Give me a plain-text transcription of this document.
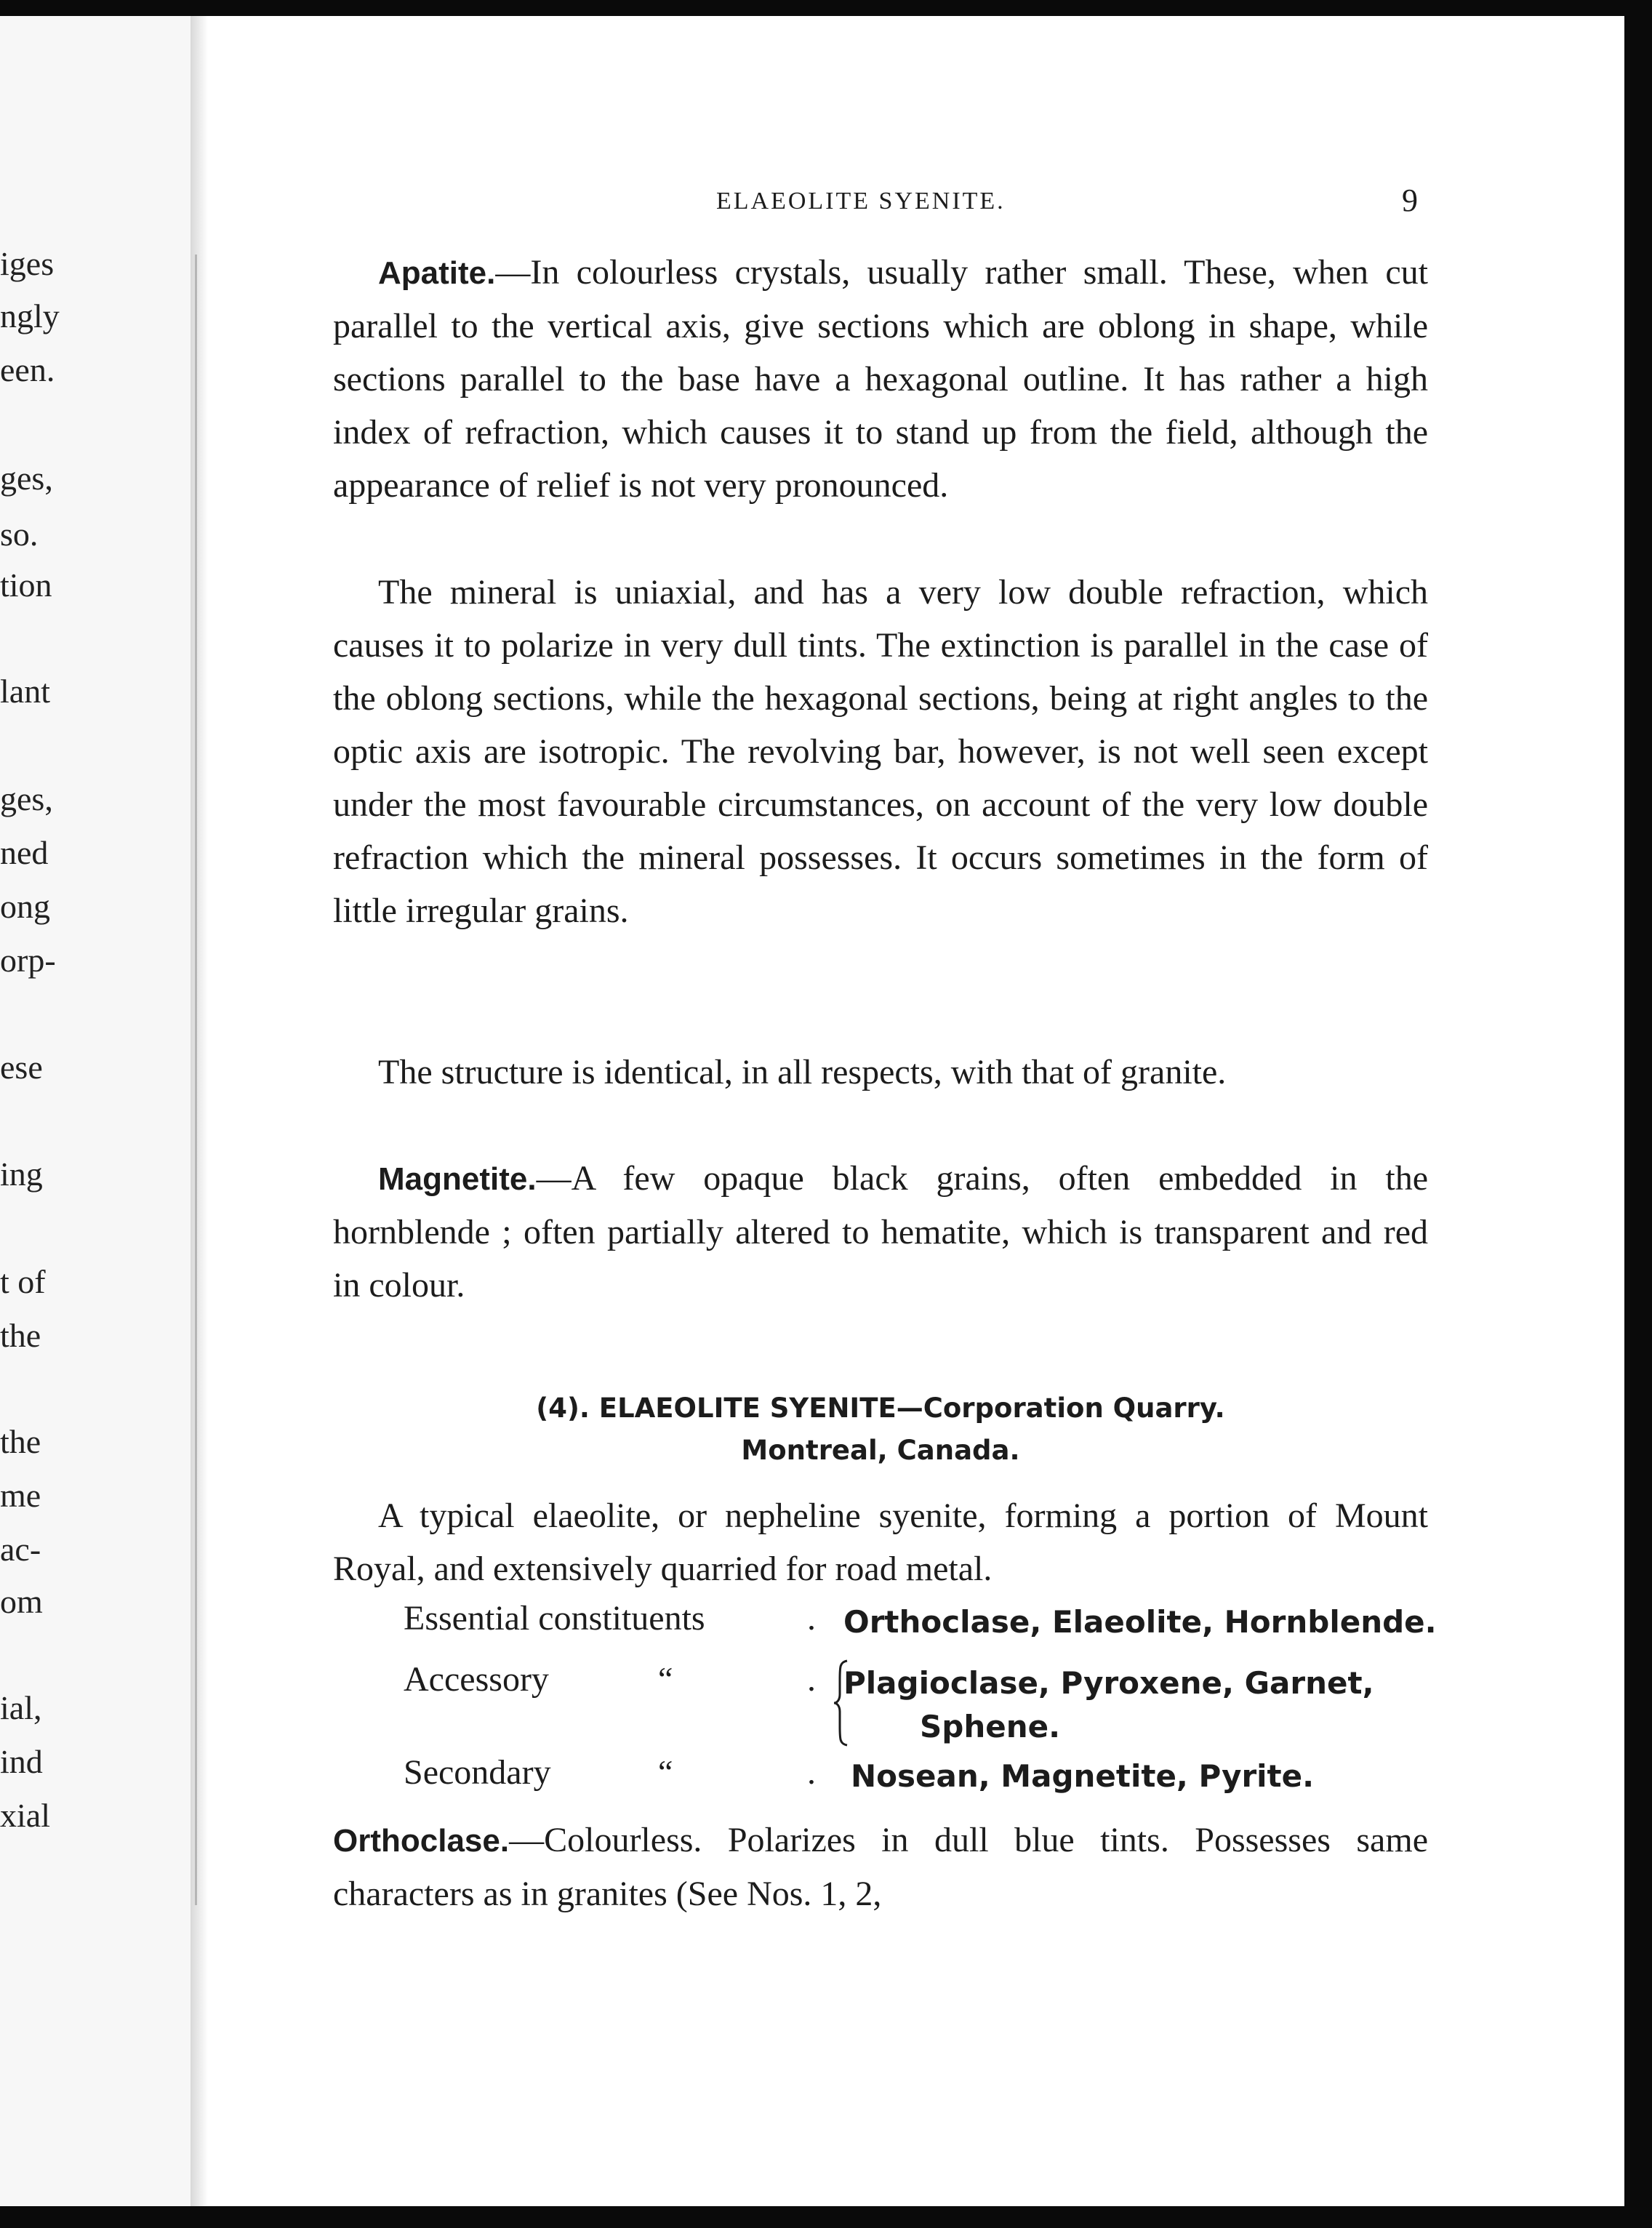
iges

ngly

een.

ges,

so.

tion

lant

ges,

ned

ong

orp-

ese

ing

t of

the

the

me

ac-

om

ial,

ind

xial

ELAEOLITE SYENITE.	9

Apatite.—In colourless crystals, usually rather small. These, when cut parallel to the vertical axis, give sections which are oblong in shape, while sections parallel to the base have a hexagonal outline. It has rather a high index of refraction, which causes it to stand up from the field, although the appearance of relief is not very pronounced.

The mineral is uniaxial, and has a very low double refraction, which causes it to polarize in very dull tints. The extinction is parallel in the case of the oblong sections, while the hexagonal sections, being at right angles to the optic axis are isotropic. The revolving bar, however, is not well seen except under the most favourable circumstances, on account of the very low double refraction which the mineral possesses. It occurs sometimes in the form of little irregular grains.

The structure is identical, in all respects, with that of granite.

Magnetite.—A few opaque black grains, often embedded in the hornblende ; often partially altered to hematite, which is transparent and red in colour.

(4). ELAEOLITE SYENITE—Corporation Quarry.
Montreal, Canada.

A typical elaeolite, or nepheline syenite, forming a portion of Mount Royal, and extensively quarried for road metal.

Essential constituents	. Orthoclase, Elaeolite, Hornblende.
Accessory	“	. Plagioclase, Pyroxene, Garnet,
Sphene.
Secondary	“	. Nosean, Magnetite, Pyrite.

Orthoclase.—Colourless. Polarizes in dull blue tints. Possesses same characters as in granites (See Nos. 1, 2,
